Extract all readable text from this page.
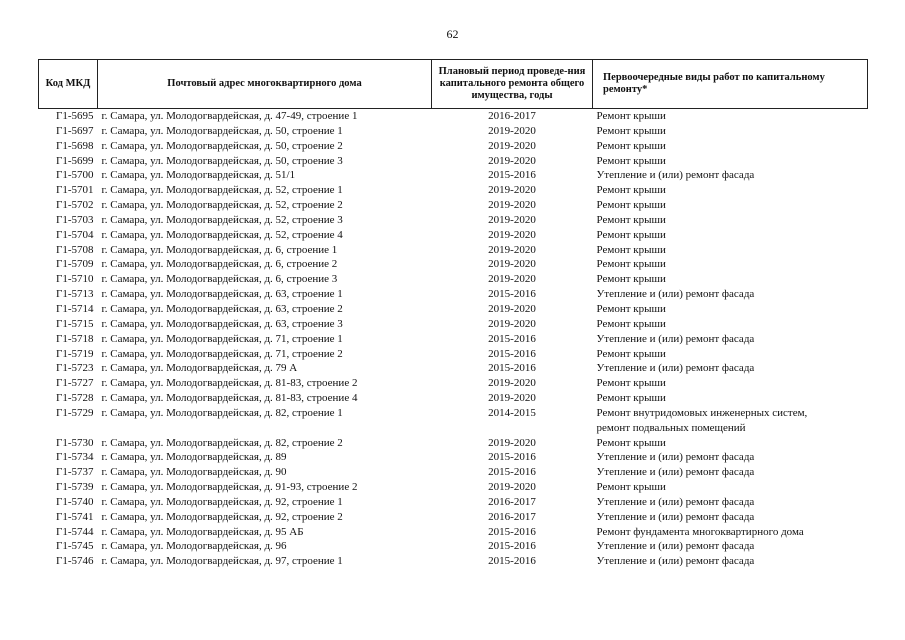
62
Код МКД	Почтовый адрес многоквартирного дома	Плановый период проведе-ния капитального ремонта общего имущества, годы	Первоочередные виды работ по капитальному ремонту*
Г1-5695	г. Самара, ул. Молодогвардейская, д. 47-49, строение 1	2016-2017	Ремонт крыши

Г1-5697	г. Самара, ул. Молодогвардейская, д. 50, строение 1	2019-2020	Ремонт крыши

Г1-5698	г. Самара, ул. Молодогвардейская, д. 50, строение 2	2019-2020	Ремонт крыши

Г1-5699	г. Самара, ул. Молодогвардейская, д. 50, строение 3	2019-2020	Ремонт крыши

Г1-5700	г. Самара, ул. Молодогвардейская, д. 51/1	2015-2016	Утепление и (или) ремонт фасада

Г1-5701	г. Самара, ул. Молодогвардейская, д. 52, строение 1	2019-2020	Ремонт крыши

Г1-5702	г. Самара, ул. Молодогвардейская, д. 52, строение 2	2019-2020	Ремонт крыши

Г1-5703	г. Самара, ул. Молодогвардейская, д. 52, строение 3	2019-2020	Ремонт крыши

Г1-5704	г. Самара, ул. Молодогвардейская, д. 52, строение 4	2019-2020	Ремонт крыши

Г1-5708	г. Самара, ул. Молодогвардейская, д. 6, строение 1	2019-2020	Ремонт крыши

Г1-5709	г. Самара, ул. Молодогвардейская, д. 6, строение 2	2019-2020	Ремонт крыши

Г1-5710	г. Самара, ул. Молодогвардейская, д. 6, строение 3	2019-2020	Ремонт крыши

Г1-5713	г. Самара, ул. Молодогвардейская, д. 63, строение 1	2015-2016	Утепление и (или) ремонт фасада

Г1-5714	г. Самара, ул. Молодогвардейская, д. 63, строение 2	2019-2020	Ремонт крыши

Г1-5715	г. Самара, ул. Молодогвардейская, д. 63, строение 3	2019-2020	Ремонт крыши

Г1-5718	г. Самара, ул. Молодогвардейская, д. 71, строение 1	2015-2016	Утепление и (или) ремонт фасада

Г1-5719	г. Самара, ул. Молодогвардейская, д. 71, строение 2	2015-2016	Ремонт крыши

Г1-5723	г. Самара, ул. Молодогвардейская, д. 79 А	2015-2016	Утепление и (или) ремонт фасада

Г1-5727	г. Самара, ул. Молодогвардейская, д. 81-83, строение 2	2019-2020	Ремонт крыши

Г1-5728	г. Самара, ул. Молодогвардейская, д. 81-83, строение 4	2019-2020	Ремонт крыши

Г1-5729	г. Самара, ул. Молодогвардейская, д. 82, строение 1	2014-2015	Ремонт внутридомовых инженерных систем,
ремонт подвальных помещений

Г1-5730	г. Самара, ул. Молодогвардейская, д. 82, строение 2	2019-2020	Ремонт крыши

Г1-5734	г. Самара, ул. Молодогвардейская, д. 89	2015-2016	Утепление и (или) ремонт фасада

Г1-5737	г. Самара, ул. Молодогвардейская, д. 90	2015-2016	Утепление и (или) ремонт фасада

Г1-5739	г. Самара, ул. Молодогвардейская, д. 91-93, строение 2	2019-2020	Ремонт крыши

Г1-5740	г. Самара, ул. Молодогвардейская, д. 92, строение 1	2016-2017	Утепление и (или) ремонт фасада

Г1-5741	г. Самара, ул. Молодогвардейская, д. 92, строение 2	2016-2017	Утепление и (или) ремонт фасада

Г1-5744	г. Самара, ул. Молодогвардейская, д. 95 АБ	2015-2016	Ремонт фундамента многоквартирного дома

Г1-5745	г. Самара, ул. Молодогвардейская, д. 96	2015-2016	Утепление и (или) ремонт фасада

Г1-5746	г. Самара, ул. Молодогвардейская, д. 97, строение 1	2015-2016	Утепление и (или) ремонт фасада
